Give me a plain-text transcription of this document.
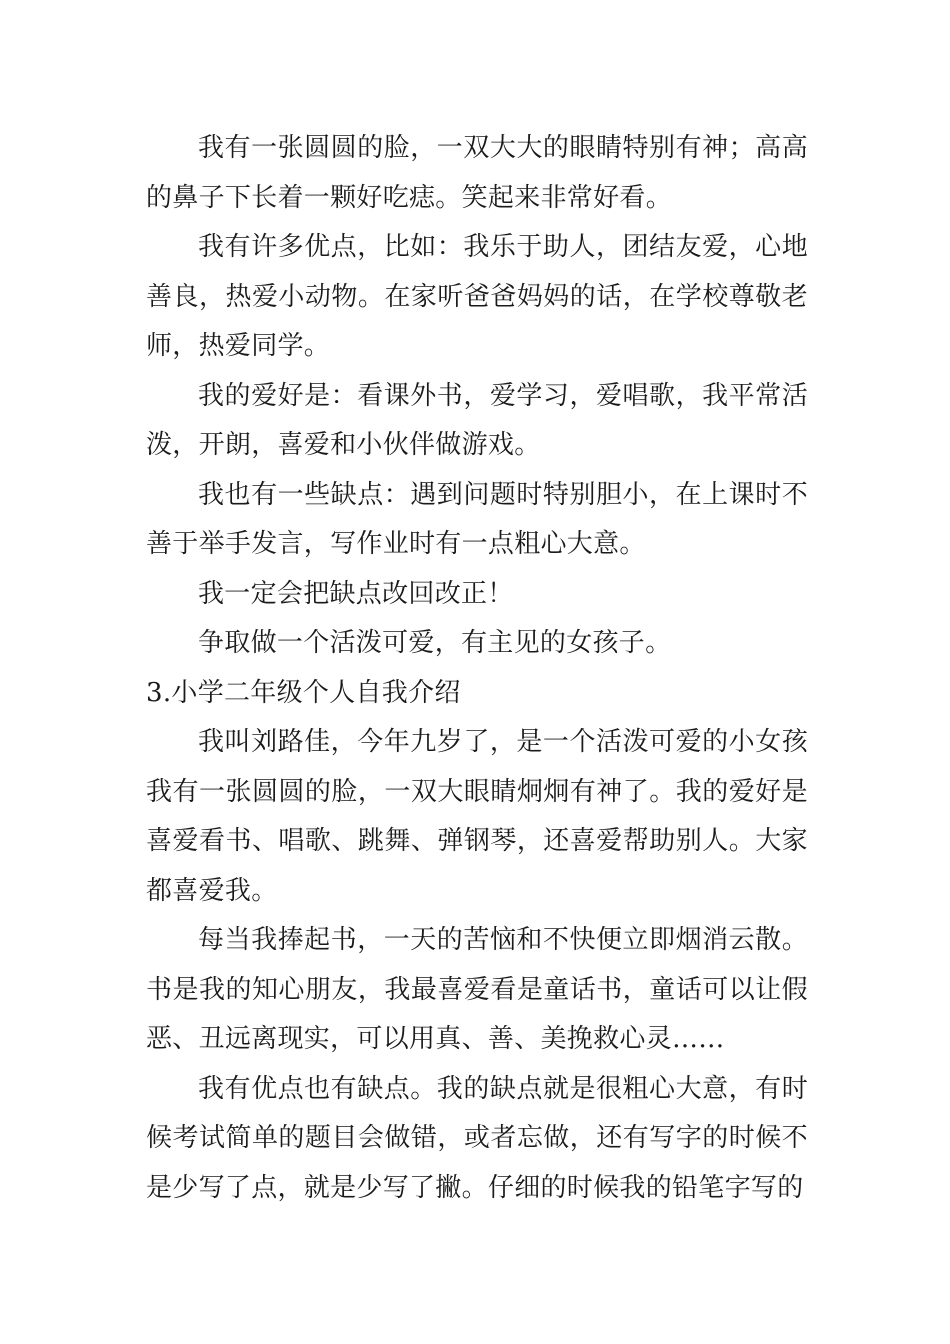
我有一张圆圆的脸，一双大大的眼睛特别有神；高高的鼻子下长着一颗好吃痣。笑起来非常好看。

我有许多优点，比如：我乐于助人，团结友爱，心地善良，热爱小动物。在家听爸爸妈妈的话，在学校尊敬老师，热爱同学。

我的爱好是：看课外书，爱学习，爱唱歌，我平常活泼，开朗，喜爱和小伙伴做游戏。

我也有一些缺点：遇到问题时特别胆小，在上课时不善于举手发言，写作业时有一点粗心大意。

我一定会把缺点改回改正！

争取做一个活泼可爱，有主见的女孩子。

3.小学二年级个人自我介绍

我叫刘路佳，今年九岁了，是一个活泼可爱的小女孩我有一张圆圆的脸，一双大眼睛炯炯有神了。我的爱好是喜爱看书、唱歌、跳舞、弹钢琴，还喜爱帮助别人。大家都喜爱我。

每当我捧起书，一天的苦恼和不快便立即烟消云散。书是我的知心朋友，我最喜爱看是童话书，童话可以让假恶、丑远离现实，可以用真、善、美挽救心灵……

我有优点也有缺点。我的缺点就是很粗心大意，有时候考试简单的题目会做错，或者忘做，还有写字的时候不是少写了点，就是少写了撇。仔细的时候我的铅笔字写的
